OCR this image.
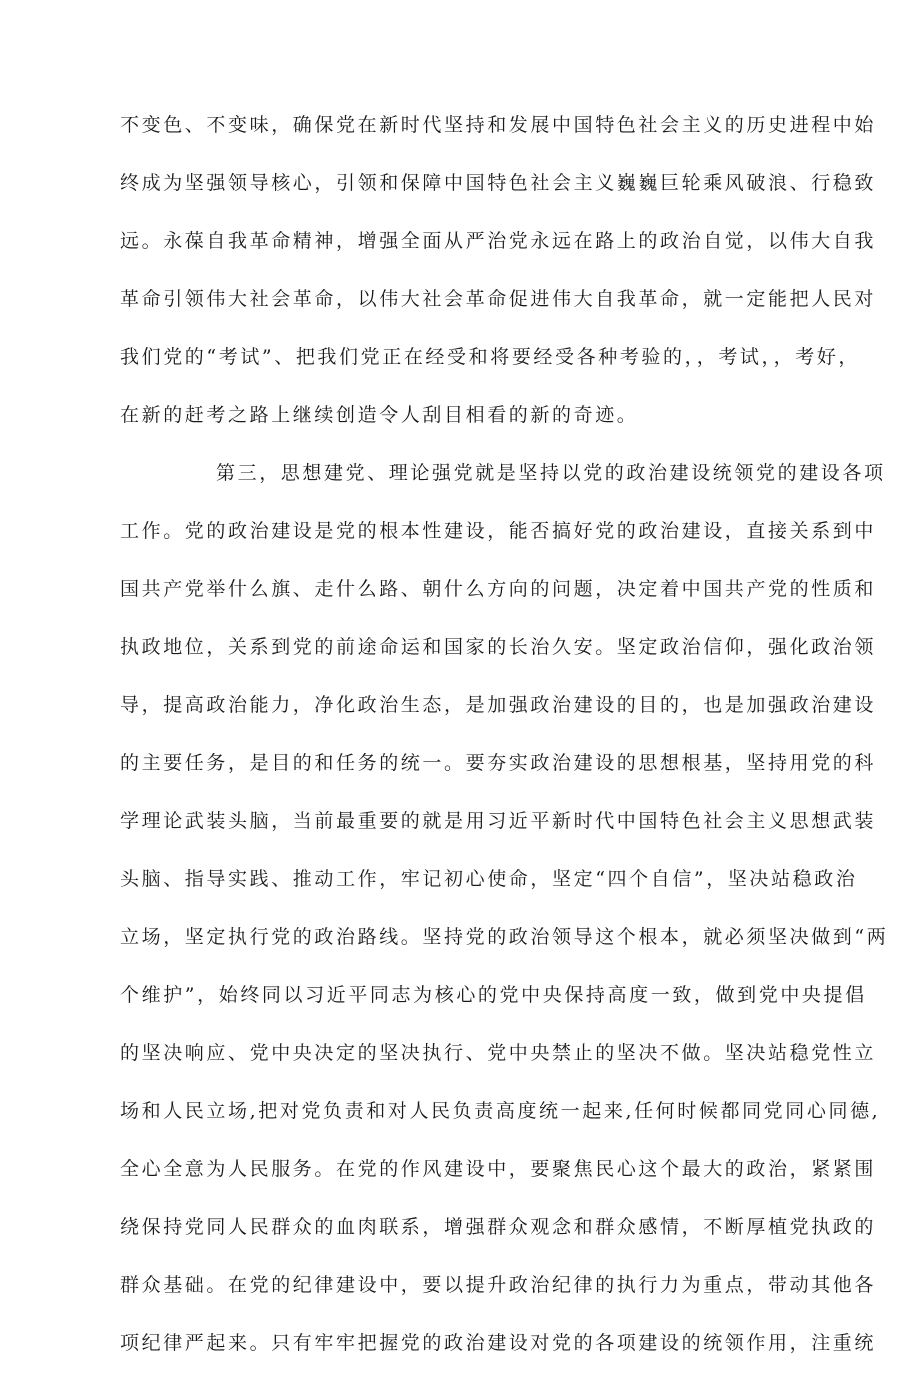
不变色、不变味，确保党在新时代坚持和发展中国特色社会主义的历史进程中始
终成为坚强领导核心，引领和保障中国特色社会主义巍巍巨轮乘风破浪、行稳致
远。永葆自我革命精神，增强全面从严治党永远在路上的政治自觉，以伟大自我
革命引领伟大社会革命，以伟大社会革命促进伟大自我革命，就一定能把人民对
我们党的“考试”、把我们党正在经受和将要经受各种考验的，，考试，，考好，
在新的赶考之路上继续创造令人刮目相看的新的奇迹。
第三，思想建党、理论强党就是坚持以党的政治建设统领党的建设各项
工作。党的政治建设是党的根本性建设，能否搞好党的政治建设，直接关系到中
国共产党举什么旗、走什么路、朝什么方向的问题，决定着中国共产党的性质和
执政地位，关系到党的前途命运和国家的长治久安。坚定政治信仰，强化政治领
导，提高政治能力，净化政治生态，是加强政治建设的目的，也是加强政治建设
的主要任务，是目的和任务的统一。要夯实政治建设的思想根基，坚持用党的科
学理论武装头脑，当前最重要的就是用习近平新时代中国特色社会主义思想武装
头脑、指导实践、推动工作，牢记初心使命，坚定“四个自信”，坚决站稳政治
立场，坚定执行党的政治路线。坚持党的政治领导这个根本，就必须坚决做到“两
个维护”，始终同以习近平同志为核心的党中央保持高度一致，做到党中央提倡
的坚决响应、党中央决定的坚决执行、党中央禁止的坚决不做。坚决站稳党性立
场和人民立场,把对党负责和对人民负责高度统一起来,任何时候都同党同心同德,
全心全意为人民服务。在党的作风建设中，要聚焦民心这个最大的政治，紧紧围
绕保持党同人民群众的血肉联系，增强群众观念和群众感情，不断厚植党执政的
群众基础。在党的纪律建设中，要以提升政治纪律的执行力为重点，带动其他各
项纪律严起来。只有牢牢把握党的政治建设对党的各项建设的统领作用，注重统
